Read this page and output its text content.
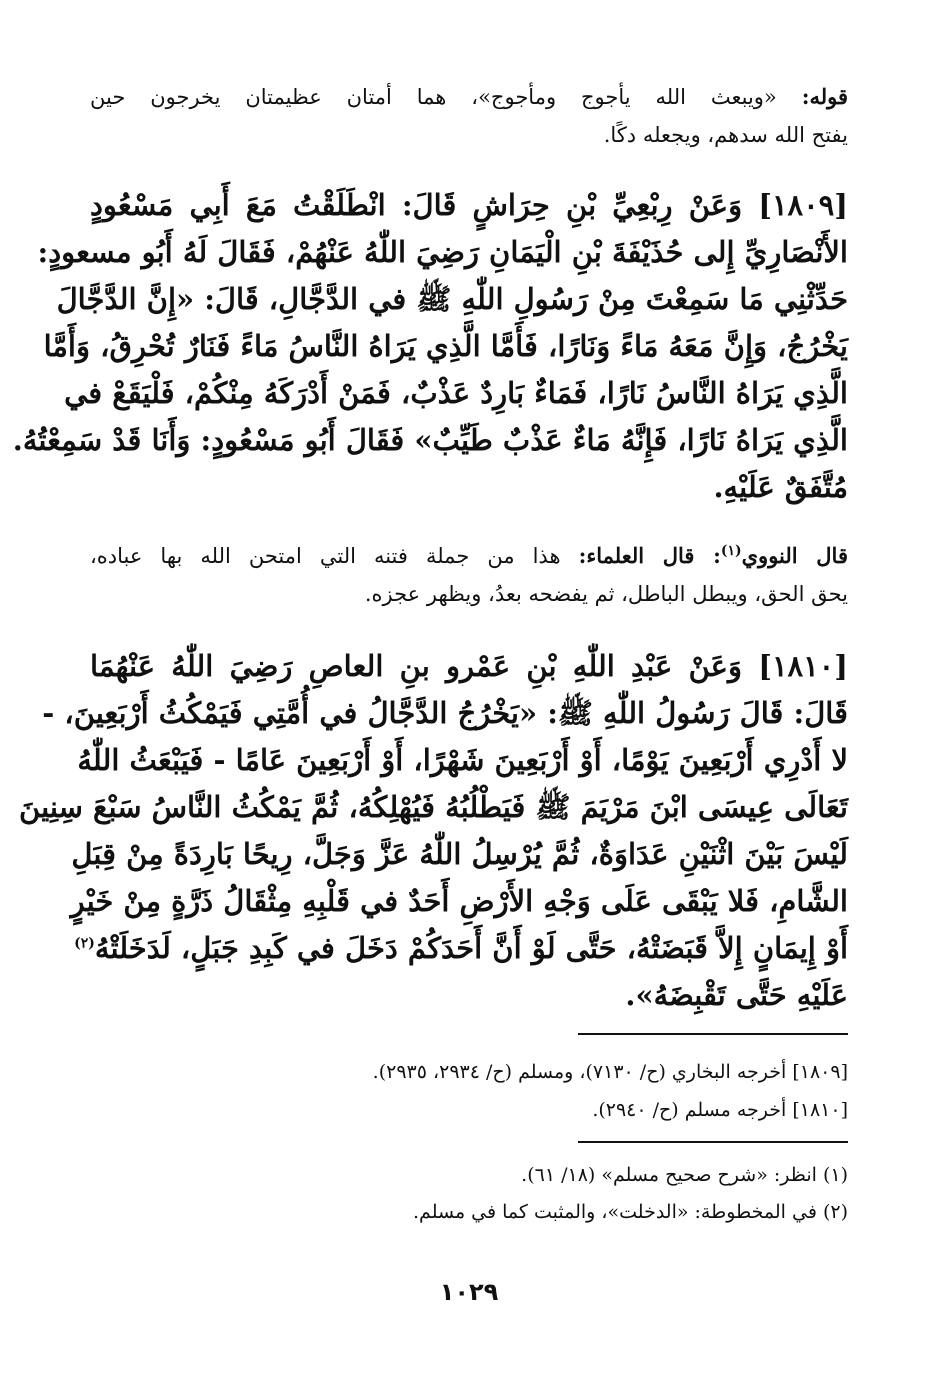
قوله: «ويبعث الله يأجوج ومأجوج»، هما أمتان عظيمتان يخرجون حين
يفتح الله سدهم، ويجعله دكًا.
[١٨٠٩] وَعَنْ رِبْعِيِّ بْنِ حِرَاشٍ قَالَ: انْطَلَقْتُ مَعَ أَبِي مَسْعُودٍ
الأَنْصَارِيِّ إِلى حُذَيْفَةَ بْنِ الْيَمَانِ رَضِيَ اللّٰهُ عَنْهُمْ، فَقَالَ لَهُ أَبُو مسعودٍ:
حَدِّثْنِي مَا سَمِعْتَ مِنْ رَسُولِ اللّٰهِ ﷺ في الدَّجَّالِ، قَالَ: «إِنَّ الدَّجَّالَ
يَخْرُجُ، وَإِنَّ مَعَهُ مَاءً وَنَارًا، فَأَمَّا الَّذِي يَرَاهُ النَّاسُ مَاءً فَنَارٌ تُحْرِقُ، وَأَمَّا
الَّذِي يَرَاهُ النَّاسُ نَارًا، فَمَاءٌ بَارِدٌ عَذْبٌ، فَمَنْ أَدْرَكَهُ مِنْكُمْ، فَلْيَقَعْ في
الَّذِي يَرَاهُ نَارًا، فَإِنَّهُ مَاءٌ عَذْبٌ طَيِّبٌ» فَقَالَ أَبُو مَسْعُودٍ: وَأَنَا قَدْ سَمِعْتُهُ.
مُتَّفَقٌ عَلَيْهِ.
قال النووي$^{(١)}$: قال العلماء: هذا من جملة فتنه التي امتحن الله بها عباده،
يحق الحق، ويبطل الباطل، ثم يفضحه بعدُ، ويظهر عجزه.
[١٨١٠] وَعَنْ عَبْدِ اللّٰهِ بْنِ عَمْرو بنِ العاصِ رَضِيَ اللّٰهُ عَنْهُمَا
قَالَ: قَالَ رَسُولُ اللّٰهِ ﷺ: «يَخْرُجُ الدَّجَّالُ في أُمَّتِي فَيَمْكُثُ أَرْبَعِينَ، -
لا أَدْرِي أَرْبَعِينَ يَوْمًا، أَوْ أَرْبَعِينَ شَهْرًا، أَوْ أَرْبَعِينَ عَامًا - فَيَبْعَثُ اللّٰهُ
تَعَالَى عِيسَى ابْنَ مَرْيَمَ ﷺ فَيَطْلُبُهُ فَيُهْلِكُهُ، ثُمَّ يَمْكُثُ النَّاسُ سَبْعَ سِنِينَ
لَيْسَ بَيْنَ اثْنَيْنِ عَدَاوَةٌ، ثُمَّ يُرْسِلُ اللّٰهُ عَزَّ وَجَلَّ، رِيحًا بَارِدَةً مِنْ قِبَلِ
الشَّامِ، فَلا يَبْقَى عَلَى وَجْهِ الأَرْضِ أَحَدٌ في قَلْبِهِ مِثْقَالُ ذَرَّةٍ مِنْ خَيْرٍ
أَوْ إِيمَانٍ إِلاَّ قَبَضَتْهُ، حَتَّى لَوْ أَنَّ أَحَدَكُمْ دَخَلَ في كَبِدِ جَبَلٍ، لَدَخَلَتْهُ$^{(٢)}$
عَلَيْهِ حَتَّى تَقْبِضَهُ».
[١٨٠٩] أخرجه البخاري (ح/ ٧١٣٠)، ومسلم (ح/ ٢٩٣٤، ٢٩٣٥).
[١٨١٠] أخرجه مسلم (ح/ ٢٩٤٠).
(١) انظر: «شرح صحيح مسلم» (١٨/ ٦١).
(٢) في المخطوطة: «الدخلت»، والمثبت كما في مسلم.
١٠٢٩
